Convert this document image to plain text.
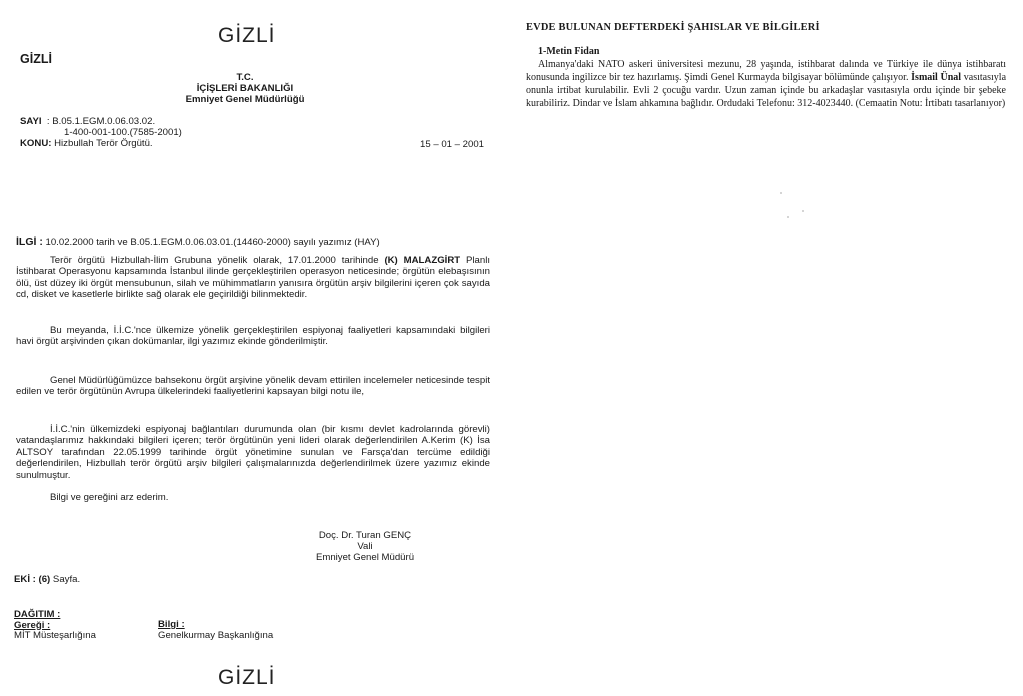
GİZLİ
GİZLİ
T.C.
İÇİŞLERİ BAKANLIĞI
Emniyet Genel Müdürlüğü
SAYI : B.05.1.EGM.0.06.03.02.
1-400-001-100.(7585-2001)
KONU: Hizbullah Terör Örgütü.	15 – 01 – 2001
İLGİ : 10.02.2000 tarih ve B.05.1.EGM.0.06.03.01.(14460-2000) sayılı yazımız (HAY)

Terör örgütü Hizbullah-İlim Grubuna yönelik olarak, 17.01.2000 tarihinde (K) MALAZGİRT Planlı İstihbarat Operasyonu kapsamında İstanbul ilinde gerçekleştirilen operasyon neticesinde; örgütün elebaşısının ölü, üst düzey iki örgüt mensubunun, silah ve mühimmatların yanısıra örgütün arşiv bilgilerini içeren çok sayıda cd, disket ve kasetlerle birlikte sağ olarak ele geçirildiği bilinmektedir.

Bu meyanda, İ.İ.C.'nce ülkemize yönelik gerçekleştirilen espiyonaj faaliyetleri kapsamındaki bilgileri havi örgüt arşivinden çıkan dokümanlar, ilgi yazımız ekinde gönderilmiştir.

Genel Müdürlüğümüzce bahsekonu örgüt arşivine yönelik devam ettirilen incelemeler neticesinde tespit edilen ve terör örgütünün Avrupa ülkelerindeki faaliyetlerini kapsayan bilgi notu ile,

İ.İ.C.'nin ülkemizdeki espiyonaj bağlantıları durumunda olan (bir kısmı devlet kadrolarında görevli) vatandaşlarımız hakkındaki bilgileri içeren; terör örgütünün yeni lideri olarak değerlendirilen A.Kerim (K) İsa ALTSOY tarafından 22.05.1999 tarihinde örgüt yönetimine sunulan ve Farsça'dan tercüme edildiği değerlendirilen, Hizbullah terör örgütü arşiv bilgileri çalışmalarınızda değerlendirilmek üzere yazımız ekinde sunulmuştur.

Bilgi ve gereğini arz ederim.

Doç. Dr. Turan GENÇ
Vali
Emniyet Genel Müdürü
EKİ : (6) Sayfa.
DAĞITIM :
Gereği :
MİT Müsteşarlığına
Bilgi :
Genelkurmay Başkanlığına
GİZLİ
EVDE BULUNAN DEFTERDEKİ ŞAHISLAR VE BİLGİLERİ
1-Metin Fidan
Almanya'daki NATO askeri üniversitesi mezunu, 28 yaşında, istihbarat dalında ve Türkiye ile dünya istihbaratı konusunda ingilizce bir tez hazırlamış. Şimdi Genel Kurmayda bilgisayar bölümünde çalışıyor. İsmail Ünal vasıtasıyla onunla irtibat kurulabilir. Evli 2 çocuğu vardır. Uzun zaman içinde bu arkadaşlar vasıtasıyla ordu içinde bir şebeke kurabiliriz. Dindar ve İslam ahkamına bağlıdır. Ordudaki Telefonu: 312-4023440. (Cemaatin Notu: İrtibatı tasarlanıyor)
